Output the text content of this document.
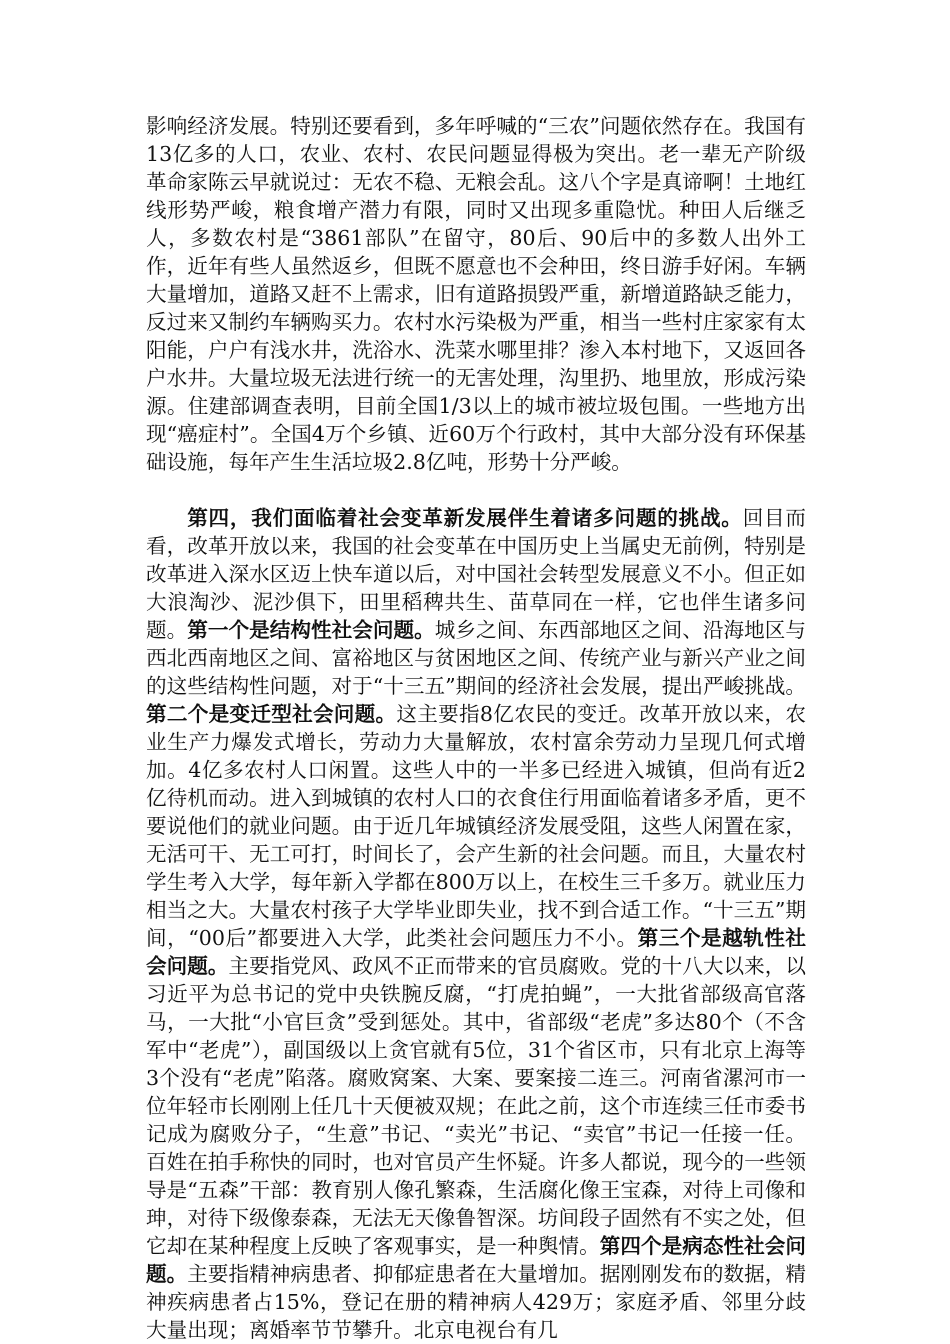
影响经济发展。特别还要看到，多年呼喊的“三农”问题依然存在。我国有13亿多的人口，农业、农村、农民问题显得极为突出。老一辈无产阶级革命家陈云早就说过：无农不稳、无粮会乱。这八个字是真谛啊！土地红线形势严峻，粮食增产潜力有限，同时又出现多重隐忧。种田人后继乏人，多数农村是“3861部队”在留守，80后、90后中的多数人出外工作，近年有些人虽然返乡，但既不愿意也不会种田，终日游手好闲。车辆大量增加，道路又赶不上需求，旧有道路损毁严重，新增道路缺乏能力，反过来又制约车辆购买力。农村水污染极为严重，相当一些村庄家家有太阳能，户户有浅水井，洗浴水、洗菜水哪里排？渗入本村地下，又返回各户水井。大量垃圾无法进行统一的无害处理，沟里扔、地里放，形成污染源。住建部调查表明，目前全国1/3以上的城市被垃圾包围。一些地方出现“癌症村”。全国4万个乡镇、近60万个行政村，其中大部分没有环保基础设施，每年产生生活垃圾2.8亿吨，形势十分严峻。

第四，我们面临着社会变革新发展伴生着诸多问题的挑战。回目而看，改革开放以来，我国的社会变革在中国历史上当属史无前例，特别是改革进入深水区迈上快车道以后，对中国社会转型发展意义不小。但正如大浪淘沙、泥沙俱下，田里稻稗共生、苗草同在一样，它也伴生诸多问题。第一个是结构性社会问题。城乡之间、东西部地区之间、沿海地区与西北西南地区之间、富裕地区与贫困地区之间、传统产业与新兴产业之间的这些结构性问题，对于“十三五”期间的经济社会发展，提出严峻挑战。第二个是变迁型社会问题。这主要指8亿农民的变迁。改革开放以来，农业生产力爆发式增长，劳动力大量解放，农村富余劳动力呈现几何式增加。4亿多农村人口闲置。这些人中的一半多已经进入城镇，但尚有近2亿待机而动。进入到城镇的农村人口的衣食住行用面临着诸多矛盾，更不要说他们的就业问题。由于近几年城镇经济发展受阻，这些人闲置在家，无活可干、无工可打，时间长了，会产生新的社会问题。而且，大量农村学生考入大学，每年新入学都在800万以上，在校生三千多万。就业压力相当之大。大量农村孩子大学毕业即失业，找不到合适工作。“十三五”期间，“00后”都要进入大学，此类社会问题压力不小。第三个是越轨性社会问题。主要指党风、政风不正而带来的官员腐败。党的十八大以来，以习近平为总书记的党中央铁腕反腐，“打虎拍蝇”，一大批省部级高官落马，一大批“小官巨贪”受到惩处。其中，省部级“老虎”多达80个（不含军中“老虎”），副国级以上贪官就有5位，31个省区市，只有北京上海等3个没有“老虎”陷落。腐败窝案、大案、要案接二连三。河南省漯河市一位年轻市长刚刚上任几十天便被双规；在此之前，这个市连续三任市委书记成为腐败分子，“生意”书记、“卖光”书记、“卖官”书记一任接一任。百姓在拍手称快的同时，也对官员产生怀疑。许多人都说，现今的一些领导是“五森”干部：教育别人像孔繁森，生活腐化像王宝森，对待上司像和珅，对待下级像泰森，无法无天像鲁智深。坊间段子固然有不实之处，但它却在某种程度上反映了客观事实，是一种舆情。第四个是病态性社会问题。主要指精神病患者、抑郁症患者在大量增加。据刚刚发布的数据，精神疾病患者占15%，登记在册的精神病人429万；家庭矛盾、邻里分歧大量出现；离婚率节节攀升。北京电视台有几
